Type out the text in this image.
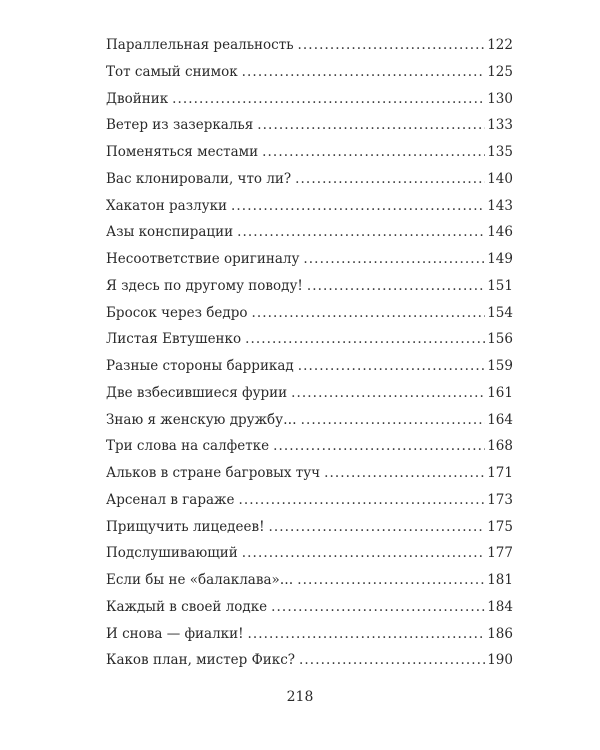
Параллельная реальность . . .	122
Тот самый снимок . . .	125
Двойник . . .	130
Ветер из зазеркалья . . .	133
Поменяться местами . . .	135
Вас клонировали, что ли? . . .	140
Хакатон разлуки . . .	143
Азы конспирации . . .	146
Несоответствие оригиналу . . .	149
Я здесь по другому поводу! . . .	151
Бросок через бедро . . .	154
Листая Евтушенко . . .	156
Разные стороны баррикад . . .	159
Две взбесившиеся фурии . . .	161
Знаю я женскую дружбу… . . .	164
Три слова на салфетке . . .	168
Альков в стране багровых туч . . .	171
Арсенал в гараже . . .	173
Прищучить лицедеев! . . .	175
Подслушивающий . . .	177
Если бы не «балаклава»… . . .	181
Каждый в своей лодке . . .	184
И снова — фиалки! . . .	186
Каков план, мистер Фикс? . . .	190
218
